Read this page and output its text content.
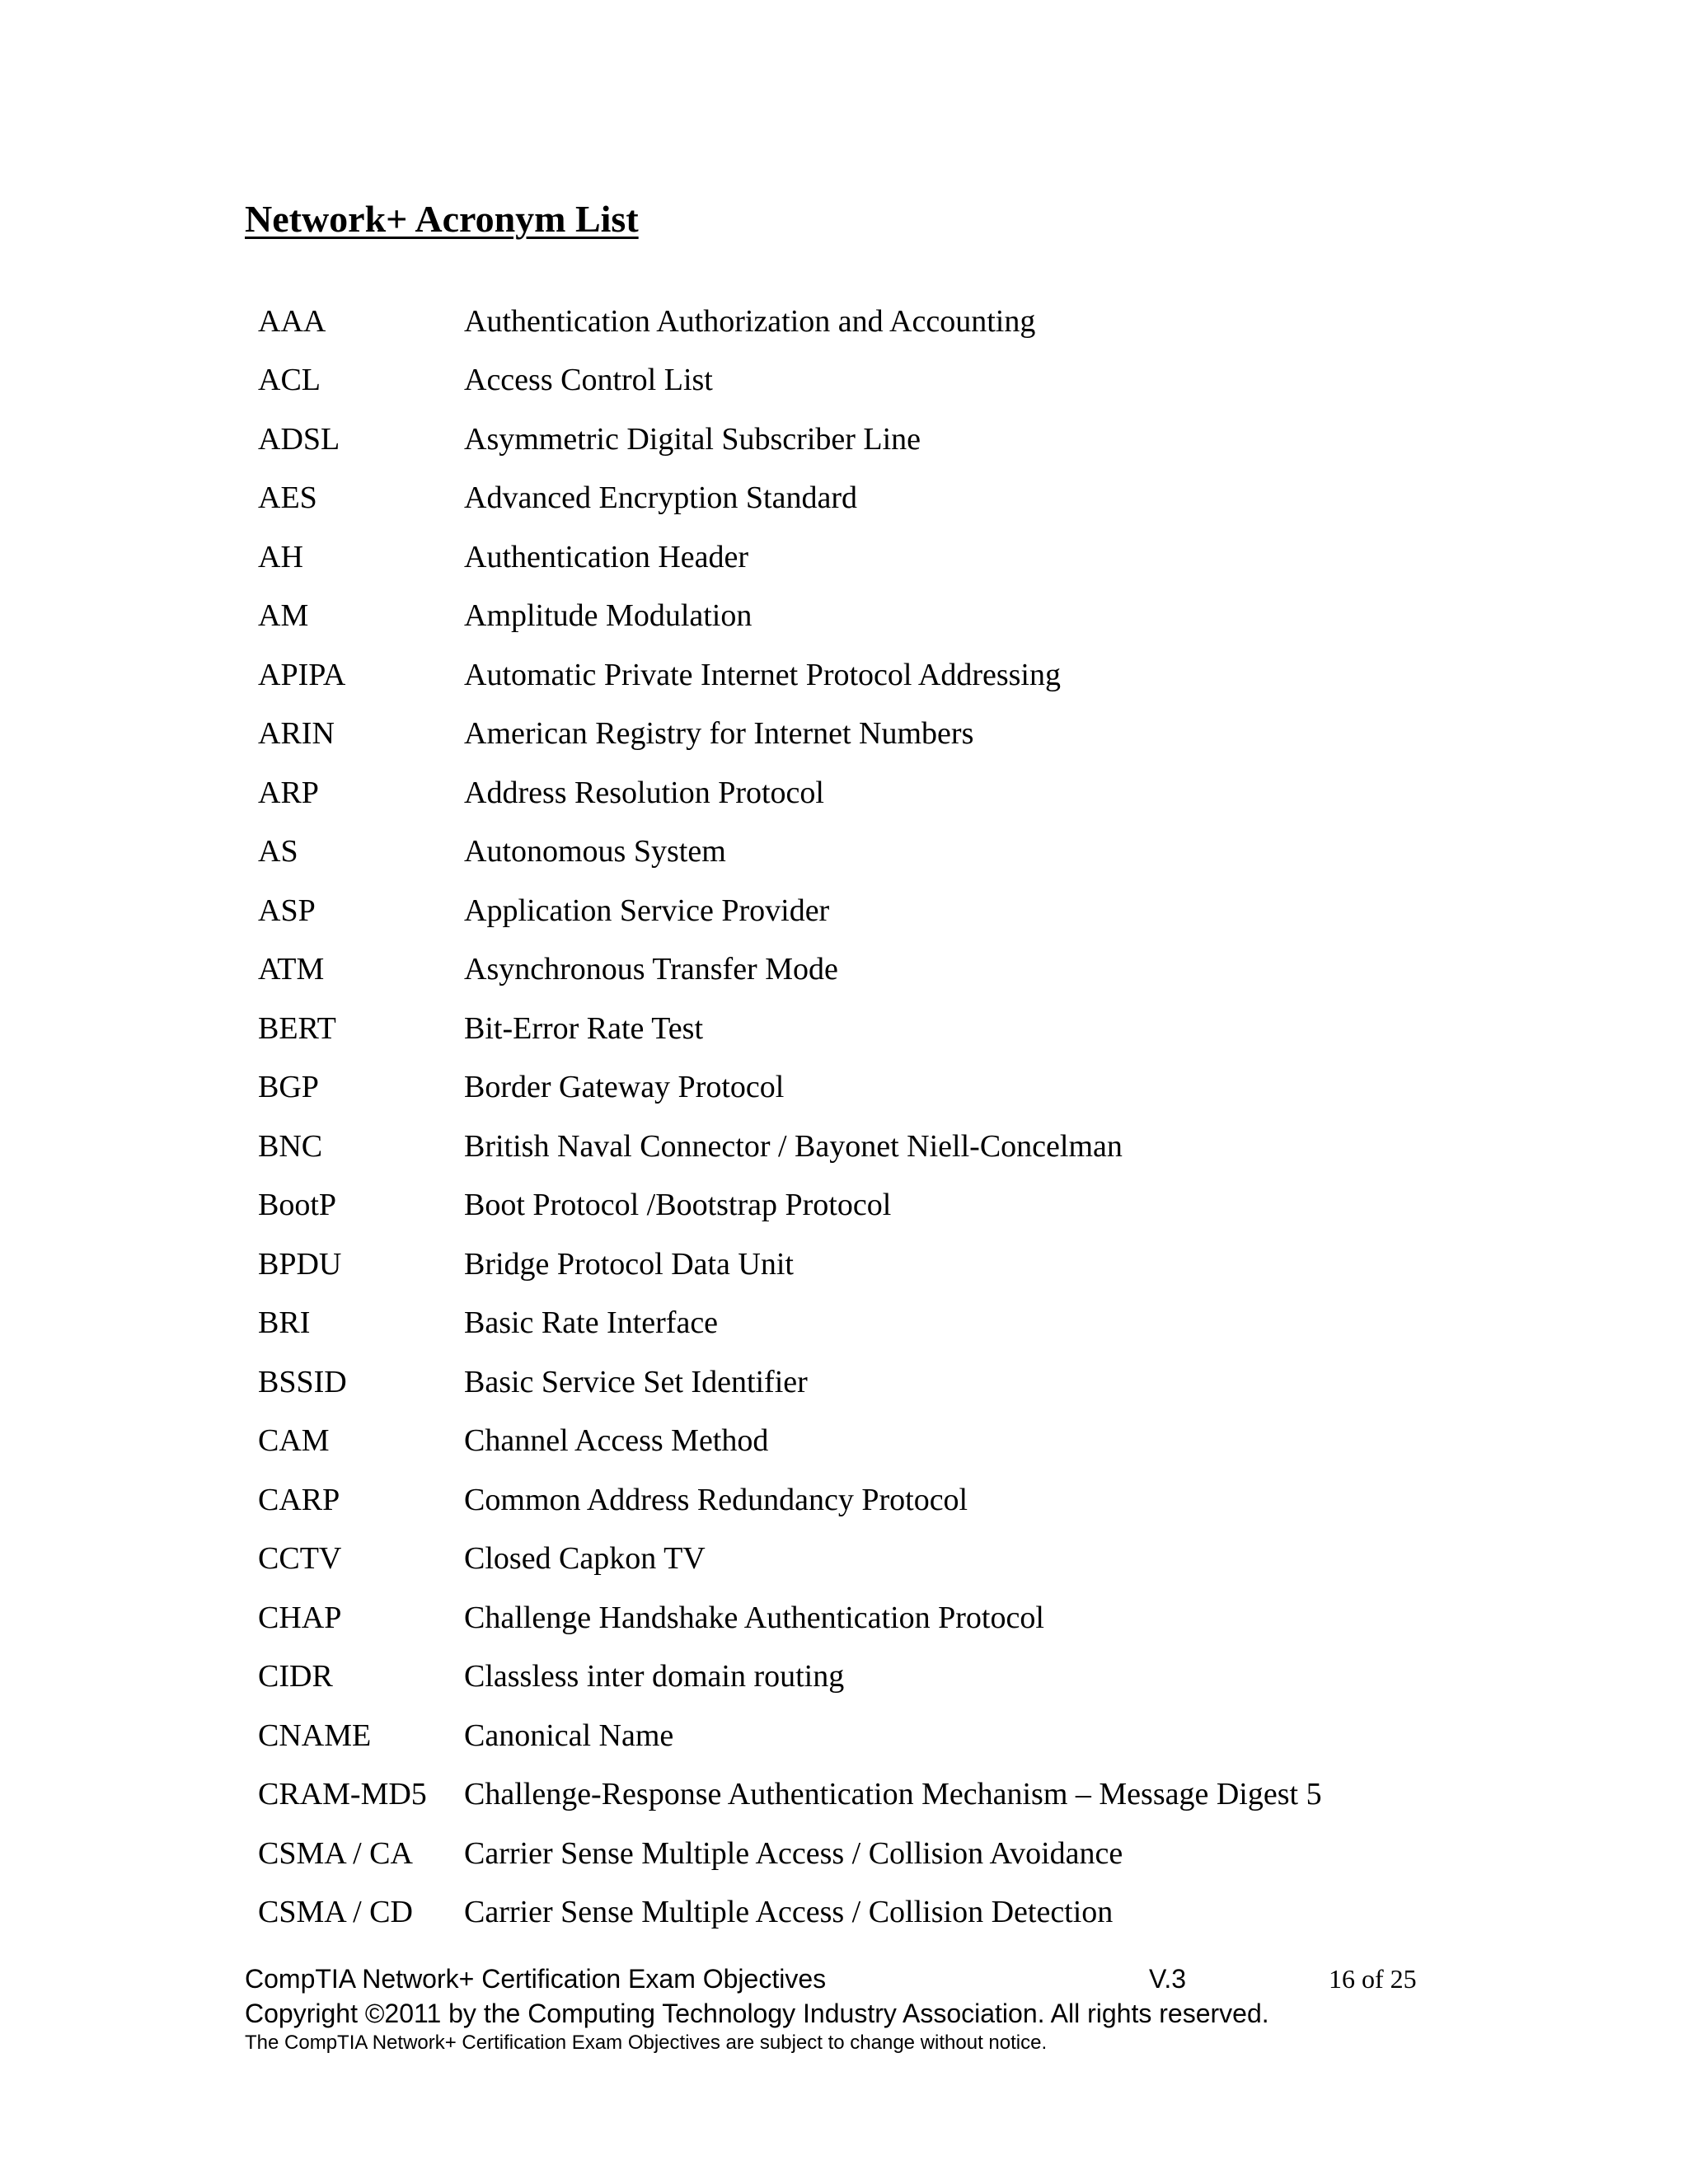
Network+ Acronym List
AAA	Authentication Authorization and Accounting
ACL	Access Control List
ADSL	Asymmetric Digital Subscriber Line
AES	Advanced Encryption Standard
AH	Authentication Header
AM	Amplitude Modulation
APIPA	Automatic Private Internet Protocol Addressing
ARIN	American Registry for Internet Numbers
ARP	Address Resolution Protocol
AS	Autonomous System
ASP	Application Service Provider
ATM	Asynchronous Transfer Mode
BERT	Bit-Error Rate Test
BGP	Border Gateway Protocol
BNC	British Naval Connector / Bayonet Niell-Concelman
BootP	Boot Protocol /Bootstrap Protocol
BPDU	Bridge Protocol Data Unit
BRI	Basic Rate Interface
BSSID	Basic Service Set Identifier
CAM	Channel Access Method
CARP	Common Address Redundancy Protocol
CCTV	Closed Capkon TV
CHAP	Challenge Handshake Authentication Protocol
CIDR	Classless inter domain routing
CNAME	Canonical Name
CRAM-MD5	Challenge-Response Authentication Mechanism – Message Digest 5
CSMA / CA	Carrier Sense Multiple Access / Collision Avoidance
CSMA / CD	Carrier Sense Multiple Access / Collision Detection
CompTIA Network+ Certification Exam Objectives	V.3	16 of 25
Copyright ©2011 by the Computing Technology Industry Association. All rights reserved.
The CompTIA Network+ Certification Exam Objectives are subject to change without notice.
